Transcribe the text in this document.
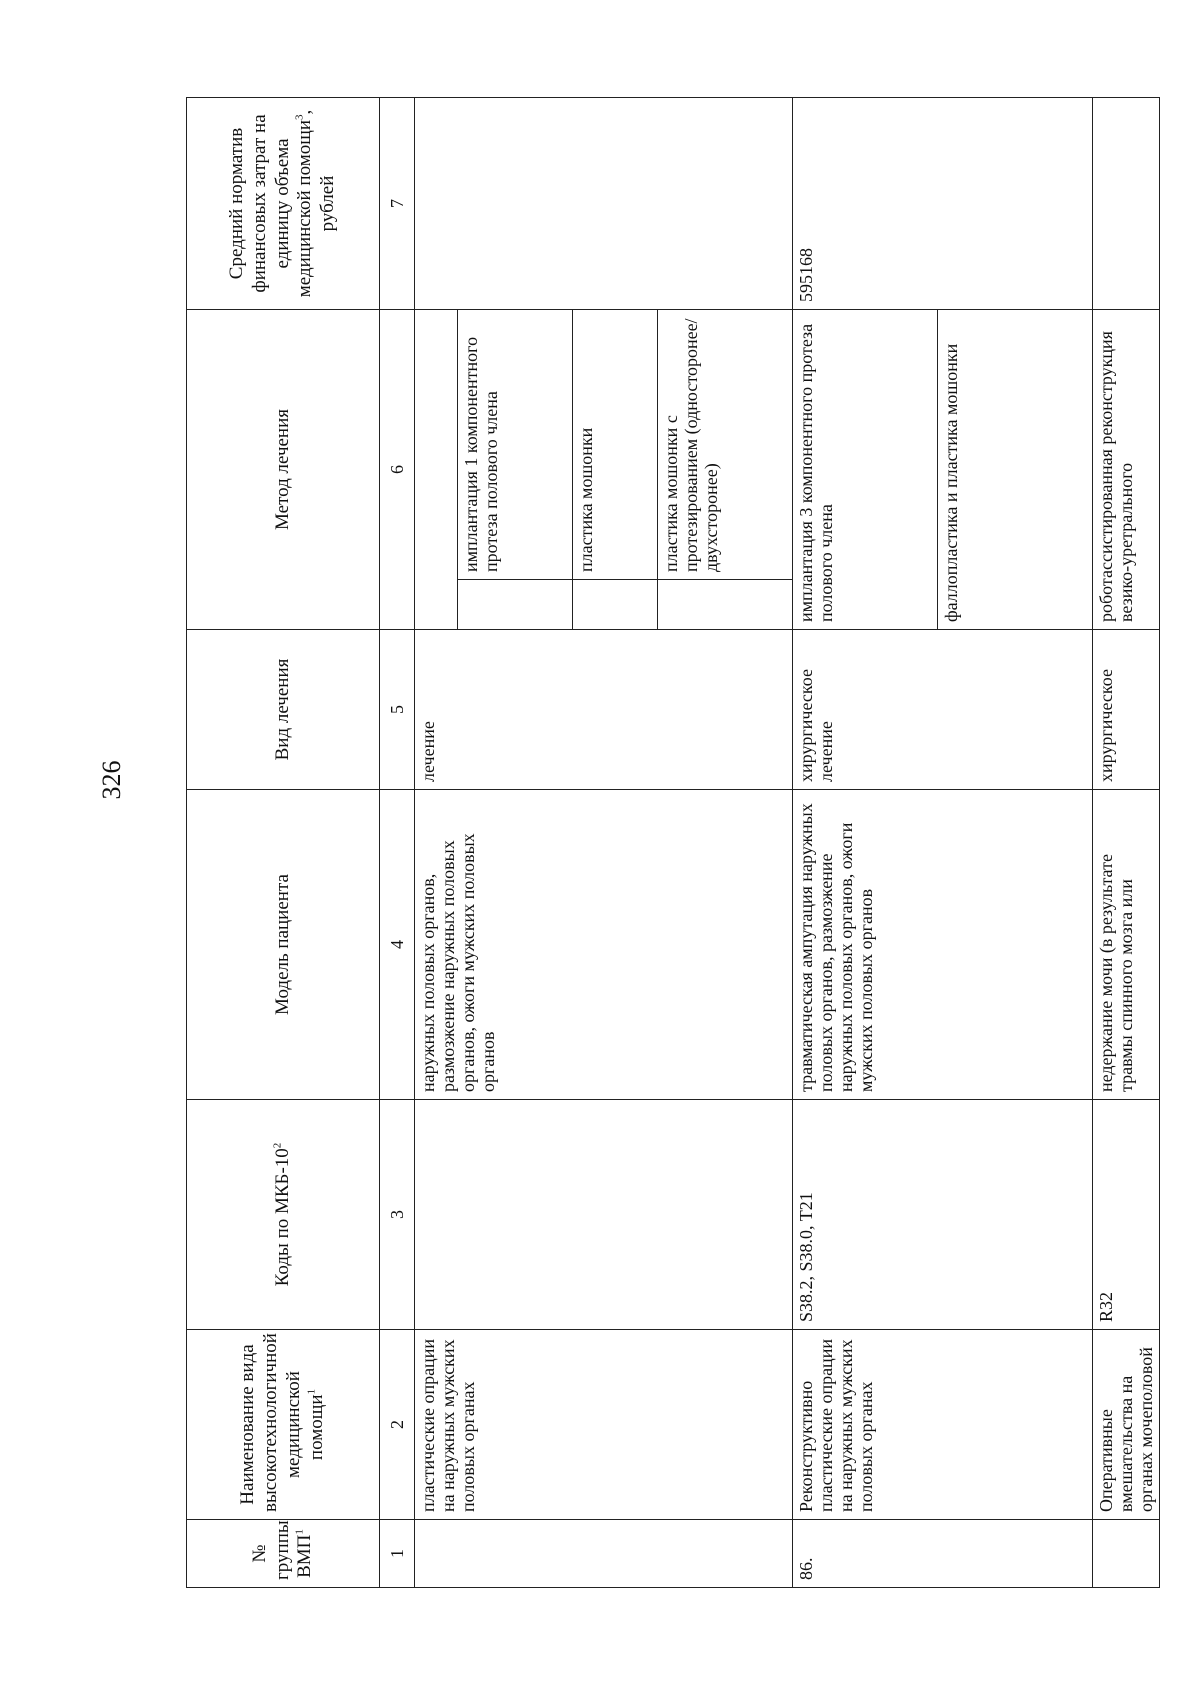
326
№ группы ВМП$^1$	Наименование вида высокотехнологичной медицинской помощи$^1$	Коды по МКБ-$10^2$	Модель пациента	Вид лечения	Метод лечения		Средний норматив финансовых затрат на единицу объема медицинской помощи$^3$, рублей
1	2	3	4	5	6		7
	пластические опрации на наружных мужских половых органах		наружных половых органов, размозжение наружных половых органов, ожоги мужских половых органов	лечение			
						имплантация 1 компонентного протеза полового члена	
						пластика мошонки	
						пластика мошонки с протезированием (односторонее/двухсторонее)	
86.	Реконструктивно пластические опрации на наружных мужских половых органах	S38.2, S38.0, T21	травматическая ампутация наружных половых органов, размозжение наружных половых органов, ожоги мужских половых органов	хирургическое лечение	имплантация 3 компонентного протеза полового члена		595168
					фаллопластика и пластика мошонки		
	Оперативные вмешательства на органах мочеполовой	R32	недержание мочи (в результате травмы спинного мозга или	хирургическое	роботассистированная реконструкция везико-уретрального		
